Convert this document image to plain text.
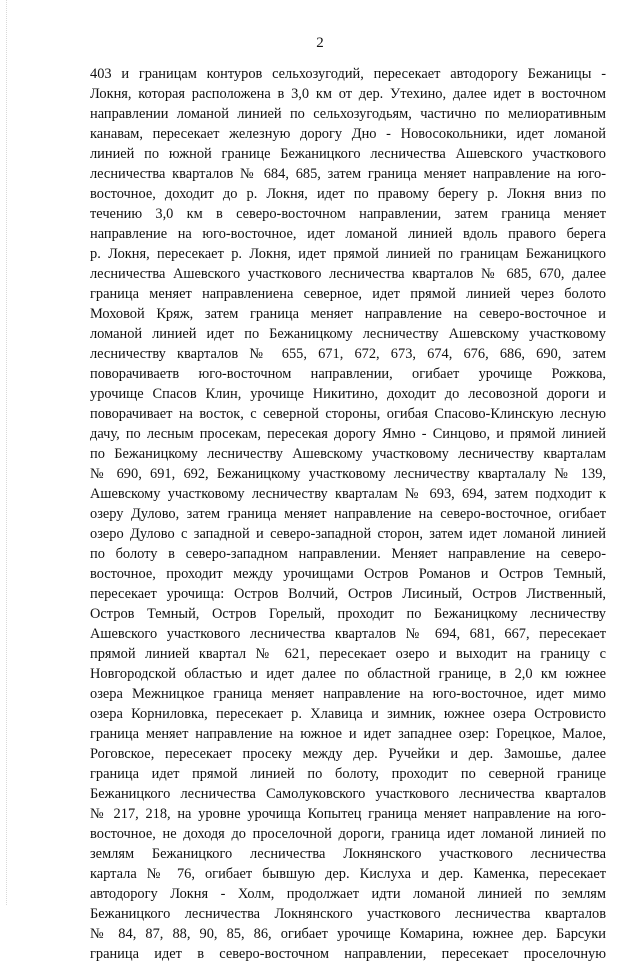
2
403 и границам контуров сельхозугодий, пересекает автодорогу Бежаницы -
Локня, которая расположена в 3,0 км от дер. Утехино, далее идет в восточном
направлении ломаной линией по сельхозугодьям, частично по мелиоративным
канавам, пересекает железную дорогу Дно - Новосокольники, идет ломаной
линией по южной границе Бежаницкого лесничества Ашевского участкового
лесничества кварталов № 684, 685, затем граница меняет направление на юго-
восточное, доходит до р. Локня, идет по правому берегу р. Локня вниз по
течению 3,0 км в северо-восточном направлении, затем граница меняет
направление на юго-восточное, идет ломаной линией вдоль правого берега
р. Локня, пересекает р. Локня, идет прямой линией по границам Бежаницкого
лесничества Ашевского участкового лесничества кварталов № 685, 670, далее
граница меняет направлениена северное, идет прямой линией через болото
Моховой Кряж, затем граница меняет направление на северо-восточное и
ломаной линией идет по Бежаницкому лесничеству Ашевскому участковому
лесничеству кварталов № 655, 671, 672, 673, 674, 676, 686, 690, затем
поворачиваетв юго-восточном направлении, огибает урочище Рожкова,
урочище Спасов Клин, урочище Никитино, доходит до лесовозной дороги и
поворачивает на восток, с северной стороны, огибая Спасово-Клинскую лесную
дачу, по лесным просекам, пересекая дорогу Ямно - Синцово, и прямой линией
по Бежаницкому лесничеству Ашевскому участковому лесничеству кварталам
№ 690, 691, 692, Бежаницкому участковому лесничеству кварталалу № 139,
Ашевскому участковому лесничеству кварталам № 693, 694, затем подходит к
озеру Дулово, затем граница меняет направление на северо-восточное, огибает
озеро Дулово с западной и северо-западной сторон, затем идет ломаной линией
по болоту в северо-западном направлении. Меняет направление на северо-
восточное, проходит между урочищами Остров Романов и Остров Темный,
пересекает урочища: Остров Волчий, Остров Лисиный, Остров Лиственный,
Остров Темный, Остров Горелый, проходит по Бежаницкому лесничеству
Ашевского участкового лесничества кварталов № 694, 681, 667, пересекает
прямой линией квартал № 621, пересекает озеро и выходит на границу с
Новгородской областью и идет далее по областной границе, в 2,0 км южнее
озера Межницкое граница меняет направление на юго-восточное, идет мимо
озера Корниловка, пересекает р. Хлавица и зимник, южнее озера Островисто
граница меняет направление на южное и идет западнее озер: Горецкое, Малое,
Роговское, пересекает просеку между дер. Ручейки и дер. Замошье, далее
граница идет прямой линией по болоту, проходит по северной границе
Бежаницкого лесничества Самолуковского участкового лесничества кварталов
№ 217, 218, на уровне урочища Копытец граница меняет направление на юго-
восточное, не доходя до проселочной дороги, граница идет ломаной линией по
землям Бежаницкого лесничества Локнянского участкового лесничества
картала № 76, огибает бывшую дер. Кислуха и дер. Каменка, пересекает
автодорогу Локня - Холм, продолжает идти ломаной линией по землям
Бежаницкого лесничества Локнянского участкового лесничества кварталов
№ 84, 87, 88, 90, 85, 86, огибает урочище Комарина, южнее дер. Барсуки
граница идет в северо-восточном направлении, пересекает проселочную
